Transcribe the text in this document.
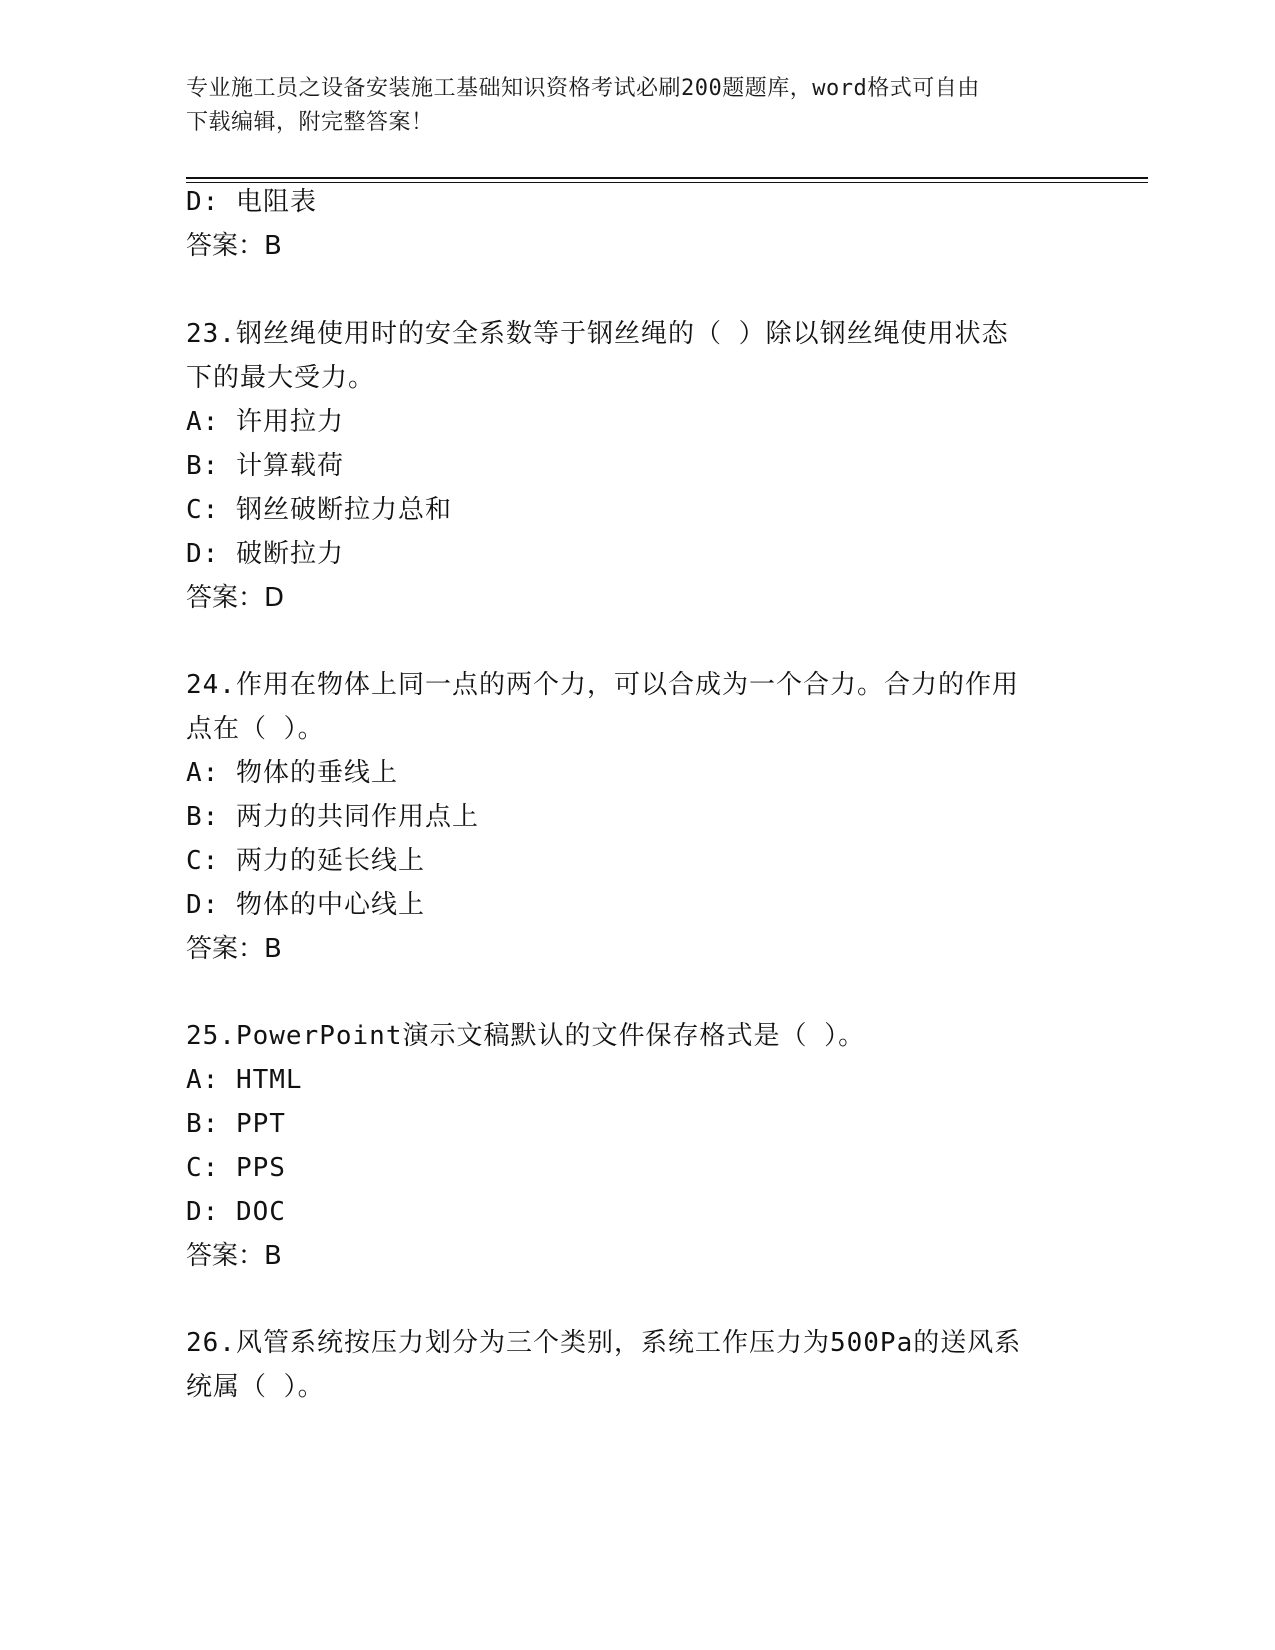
专业施工员之设备安装施工基础知识资格考试必刷200题题库，word格式可自由
下载编辑，附完整答案！
D: 电阻表
答案：B
23.钢丝绳使用时的安全系数等于钢丝绳的（ ）除以钢丝绳使用状态
下的最大受力。
A: 许用拉力
B: 计算载荷
C: 钢丝破断拉力总和
D: 破断拉力
答案：D
24.作用在物体上同一点的两个力，可以合成为一个合力。合力的作用
点在（ ）。
A: 物体的垂线上
B: 两力的共同作用点上
C: 两力的延长线上
D: 物体的中心线上
答案：B
25.PowerPoint演示文稿默认的文件保存格式是（ ）。
A: HTML
B: PPT
C: PPS
D: DOC
答案：B
26.风管系统按压力划分为三个类别，系统工作压力为500Pa的送风系
统属（ ）。
